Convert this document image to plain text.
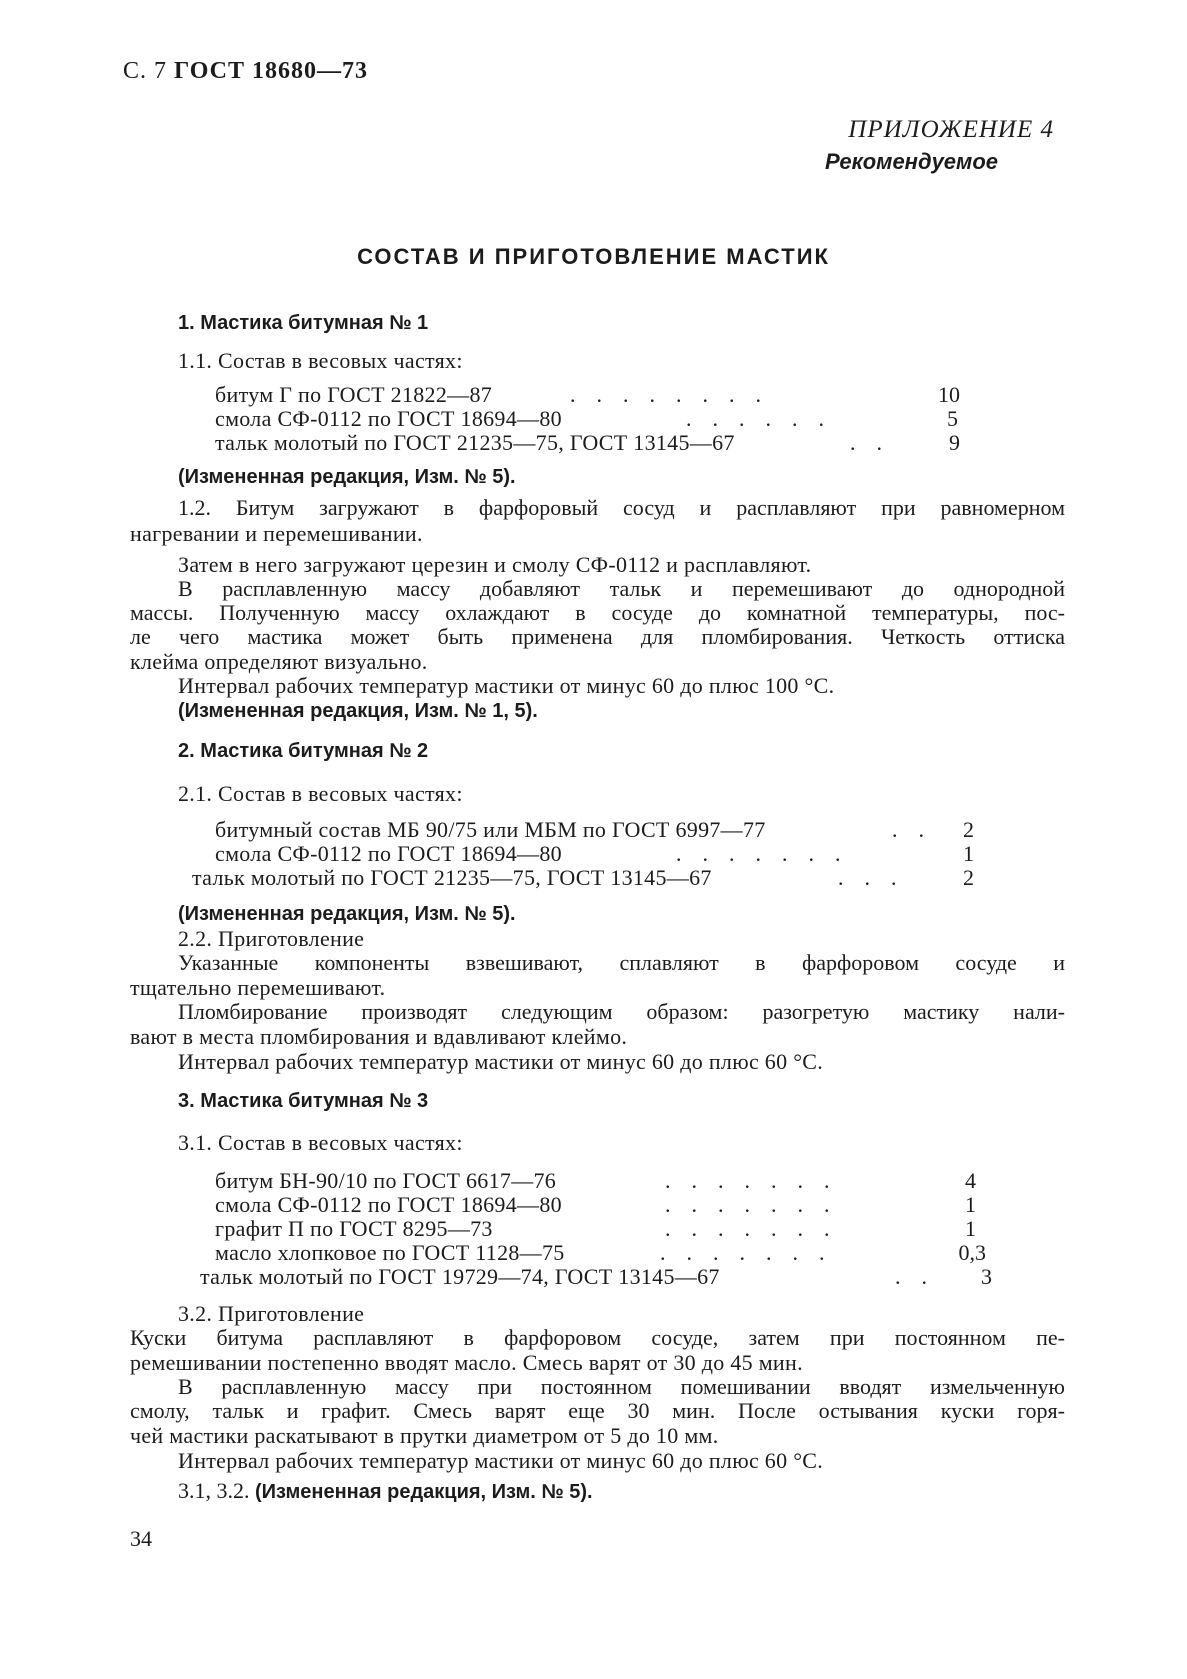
С. 7 ГОСТ 18680—73
ПРИЛОЖЕНИЕ 4
Рекомендуемое
СОСТАВ И ПРИГОТОВЛЕНИЕ МАСТИК
1. Мастика битумная № 1
1.1. Состав в весовых частях:
битум Г по ГОСТ 21822—87	........	10
смола СФ-0112 по ГОСТ 18694—80	......	5
тальк молотый по ГОСТ 21235—75, ГОСТ 13145—67	..	9
(Измененная редакция, Изм. № 5).
1.2. Битум загружают в фарфоровый сосуд и расплавляют при равномерном
нагревании и перемешивании.
Затем в него загружают церезин и смолу СФ-0112 и расплавляют.
В расплавленную массу добавляют тальк и перемешивают до однородной
массы. Полученную массу охлаждают в сосуде до комнатной температуры, пос-
ле чего мастика может быть применена для пломбирования. Четкость оттиска
клейма определяют визуально.
Интервал рабочих температур мастики от минус 60 до плюс 100 °C.
(Измененная редакция, Изм. № 1, 5).
2. Мастика битумная № 2
2.1. Состав в весовых частях:
битумный состав МБ 90/75 или МБМ по ГОСТ 6997—77	.. 2
смола СФ-0112 по ГОСТ 18694—80	.......	1
тальк молотый по ГОСТ 21235—75, ГОСТ 13145—67	...	2
(Измененная редакция, Изм. № 5).
2.2. Приготовление
Указанные компоненты взвешивают, сплавляют в фарфоровом сосуде и
тщательно перемешивают.
Пломбирование производят следующим образом: разогретую мастику нали-
вают в места пломбирования и вдавливают клеймо.
Интервал рабочих температур мастики от минус 60 до плюс 60 °C.
3. Мастика битумная № 3
3.1. Состав в весовых частях:
битум БН-90/10 по ГОСТ 6617—76	.......	4
смола СФ-0112 по ГОСТ 18694—80	.......	1
графит П по ГОСТ 8295—73	.......	1
масло хлопковое по ГОСТ 1128—75	.......	0,3
тальк молотый по ГОСТ 19729—74, ГОСТ 13145—67	..	3
3.2. Приготовление
Куски битума расплавляют в фарфоровом сосуде, затем при постоянном пе-
ремешивании постепенно вводят масло. Смесь варят от 30 до 45 мин.
В расплавленную массу при постоянном помешивании вводят измельченную
смолу, тальк и графит. Смесь варят еще 30 мин. После остывания куски горя-
чей мастики раскатывают в прутки диаметром от 5 до 10 мм.
Интервал рабочих температур мастики от минус 60 до плюс 60 °C.
3.1, 3.2. (Измененная редакция, Изм. № 5).
34
